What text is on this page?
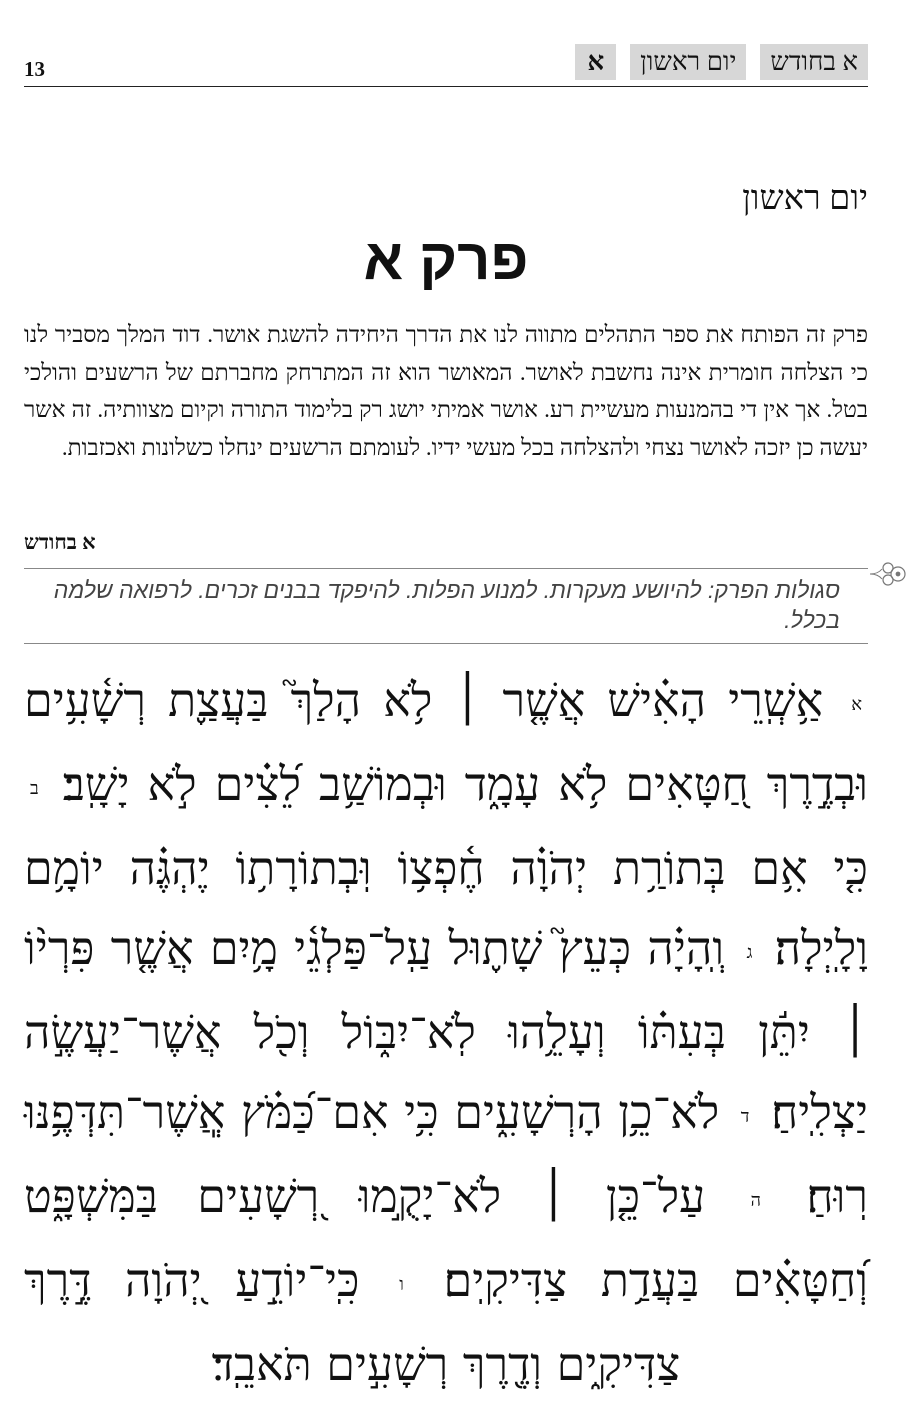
13	א בחודש
יום ראשון
א
יום ראשון
פרק א
פרק זה הפותח את ספר התהלים מתווה לנו את הדרך היחידה להשגת אושר. דוד המלך מסביר לנו כי הצלחה חומרית אינה נחשבת לאושר. המאושר הוא זה המתרחק מחברתם של הרשעים והולכי בטל. אך אין די בהמנעות מעשיית רע. אושר אמיתי יושג רק בלימוד התורה וקיום מצוותיה. זה אשר יעשה כן יזכה לאושר נצחי ולהצלחה בכל מעשי ידיו. לעומתם הרשעים ינחלו כשלונות ואכזבות.
א בחודש
סגולות הפרק: להיושע מעקרות. למנוע הפלות. להיפקד בבנים זכרים. לרפואה שלמה בכלל.
א אַ֥שְֽׁרֵי הָאִ֗ישׁ אֲשֶׁ֤ר ׀ לֹ֥א הָלַךְ֮ בַּעֲצַ֪ת רְשָׁ֫עִ֥ים וּבְדֶ֣רֶךְ חַ֭טָּאִים לֹ֥א עָמָ֑ד וּבְמוֹשַׁ֥ב לֵ֝צִ֗ים לֹ֣א יָשָֽׁב׃ ב כִּ֤י אִ֥ם בְּתוֹרַ֥ת יְהֹוָ֗ה חֶ֫פְצ֥וֹ וּֽבְתוֹרָת֥וֹ יֶהְגֶּ֗ה יוֹמָ֥ם וָלָֽיְלָה׃ ג וְֽהָיָ֗ה כְּעֵץ֮ שָׁת֢וּל עַֽל־פַּלְגֵ֫י מָ֥יִם אֲשֶׁ֤ר פִּרְי֨וֹ ׀ יִתֵּ֬ן בְּעִתּ֗וֹ וְעָלֵ֥הוּ לֹֽא־יִבּ֑וֹל וְכֹ֖ל אֲשֶׁר־יַעֲשֶׂ֣ה יַצְלִֽיחַ׃ ד לֹא־כֵ֥ן הָרְשָׁעִ֑ים כִּ֥י אִם־כַּ֝מֹּ֗ץ אֲֽשֶׁר־תִּדְּפֶ֥נּוּ רֽוּחַ׃ ה עַל־כֵּ֤ן ׀ לֹא־יָקֻ֣מוּ רְ֭שָׁעִים בַּמִּשְׁפָּ֑ט וְ֝חַטָּאִ֗ים בַּעֲדַ֥ת צַדִּיקִֽים׃ ו כִּֽי־יוֹדֵ֣עַ יְ֭הֹוָה דֶּ֣רֶךְ צַדִּיקִ֑ים וְדֶ֖רֶךְ רְשָׁעִ֣ים תֹּאבֵֽד׃
